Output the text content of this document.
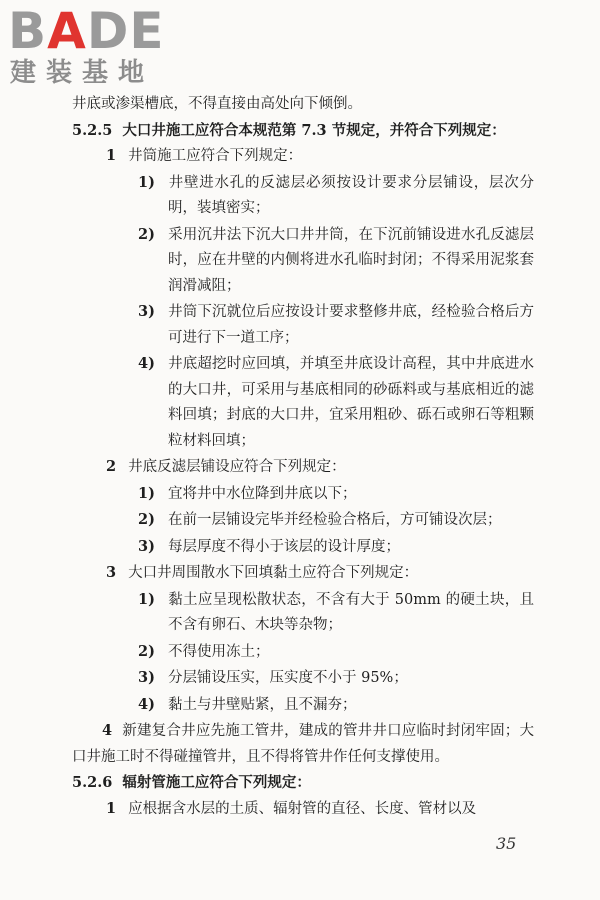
BADE
建装基地

井底或渗渠槽底，不得直接由高处向下倾倒。

5.2.5 大口井施工应符合本规范第 7.3 节规定，并符合下列规定：

1 井筒施工应符合下列规定：

1) 井壁进水孔的反滤层必须按设计要求分层铺设，层次分明，装填密实；

2) 采用沉井法下沉大口井井筒，在下沉前铺设进水孔反滤层时，应在井壁的内侧将进水孔临时封闭；不得采用泥浆套润滑减阻；

3) 井筒下沉就位后应按设计要求整修井底，经检验合格后方可进行下一道工序；

4) 井底超挖时应回填，并填至井底设计高程，其中井底进水的大口井，可采用与基底相同的砂砾料或与基底相近的滤料回填；封底的大口井，宜采用粗砂、砾石或卵石等粗颗粒材料回填；

2 井底反滤层铺设应符合下列规定：

1) 宜将井中水位降到井底以下；

2) 在前一层铺设完毕并经检验合格后，方可铺设次层；

3) 每层厚度不得小于该层的设计厚度；

3 大口井周围散水下回填黏土应符合下列规定：

1) 黏土应呈现松散状态，不含有大于 50mm 的硬土块，且不含有卵石、木块等杂物；

2) 不得使用冻土；

3) 分层铺设压实，压实度不小于 95%；

4) 黏土与井壁贴紧，且不漏夯；

4 新建复合井应先施工管井，建成的管井井口应临时封闭牢固；大口井施工时不得碰撞管井，且不得将管井作任何支撑使用。

5.2.6 辐射管施工应符合下列规定：

1 应根据含水层的土质、辐射管的直径、长度、管材以及

35
